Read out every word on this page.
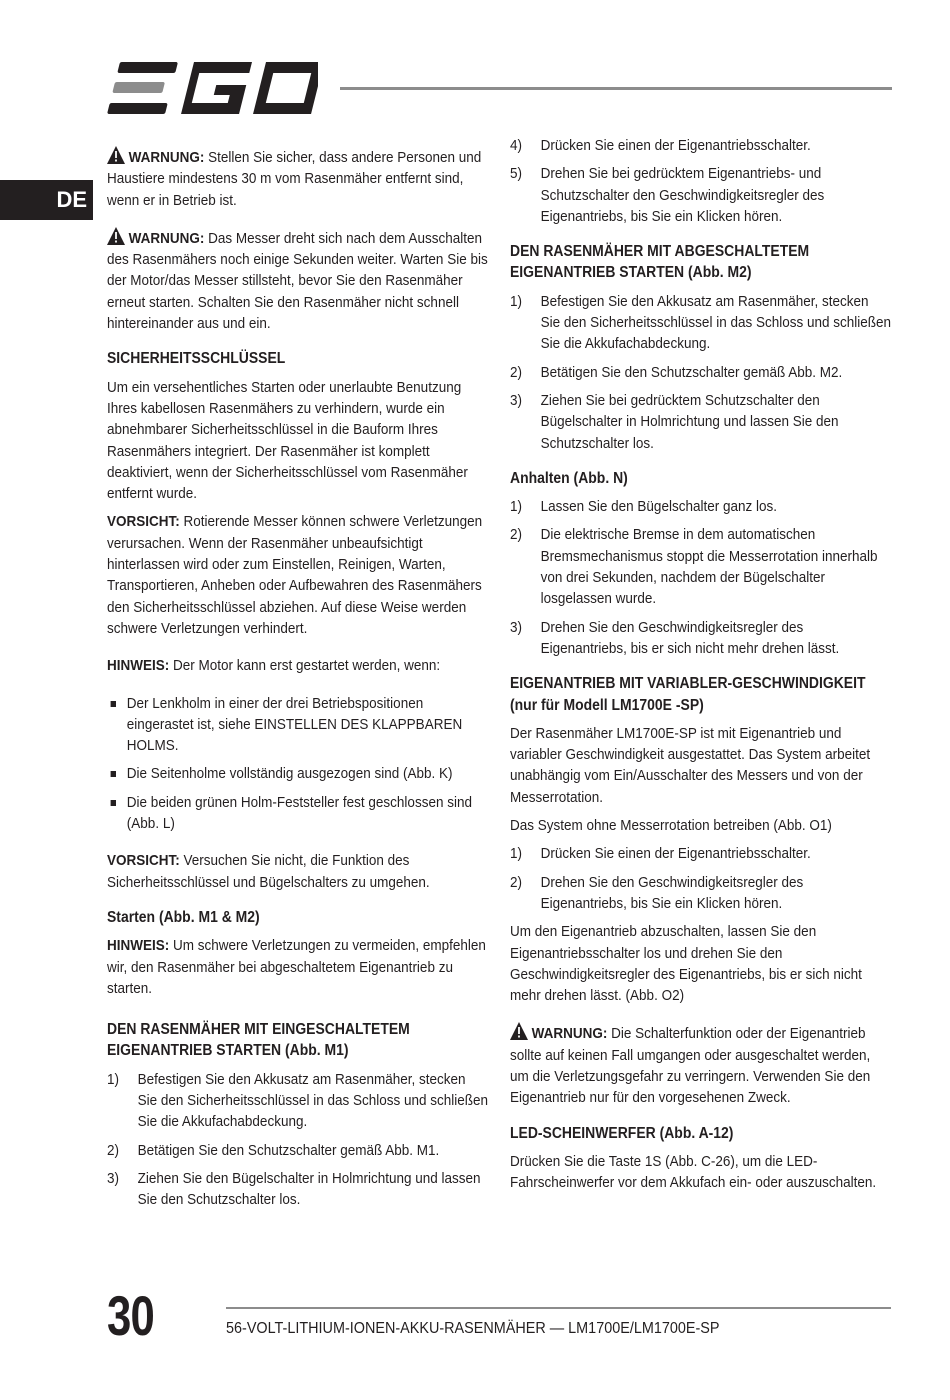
DE

WARNUNG: Stellen Sie sicher, dass andere Personen und Haustiere mindestens 30 m vom Rasenmäher entfernt sind, wenn er in Betrieb ist.

WARNUNG: Das Messer dreht sich nach dem Ausschalten des Rasenmähers noch einige Sekunden weiter. Warten Sie bis der Motor/das Messer stillsteht, bevor Sie den Rasenmäher erneut starten. Schalten Sie den Rasenmäher nicht schnell hintereinander aus und ein.

SICHERHEITSSCHLÜSSEL

Um ein versehentliches Starten oder unerlaubte Benutzung Ihres kabellosen Rasenmähers zu verhindern, wurde ein abnehmbarer Sicherheitsschlüssel in die Bauform Ihres Rasenmähers integriert. Der Rasenmäher ist komplett deaktiviert, wenn der Sicherheitsschlüssel vom Rasenmäher entfernt wurde.

VORSICHT: Rotierende Messer können schwere Verletzungen verursachen. Wenn der Rasenmäher unbeaufsichtigt hinterlassen wird oder zum Einstellen, Reinigen, Warten, Transportieren, Anheben oder Aufbewahren des Rasenmähers den Sicherheitsschlüssel abziehen. Auf diese Weise werden schwere Verletzungen verhindert.

HINWEIS: Der Motor kann erst gestartet werden, wenn:

Der Lenkholm in einer der drei Betriebspositionen eingerastet ist, siehe EINSTELLEN DES KLAPPBAREN HOLMS.
Die Seitenholme vollständig ausgezogen sind (Abb. K)
Die beiden grünen Holm-Feststeller fest geschlossen sind (Abb. L)

VORSICHT: Versuchen Sie nicht, die Funktion des Sicherheitsschlüssel und Bügelschalters zu umgehen.

Starten (Abb. M1 & M2)

HINWEIS: Um schwere Verletzungen zu vermeiden, empfehlen wir, den Rasenmäher bei abgeschaltetem Eigenantrieb zu starten.

DEN RASENMÄHER MIT EINGESCHALTETEM EIGENANTRIEB STARTEN (Abb. M1)
1) Befestigen Sie den Akkusatz am Rasenmäher, stecken Sie den Sicherheitsschlüssel in das Schloss und schließen Sie die Akkufachabdeckung.
2) Betätigen Sie den Schutzschalter gemäß Abb. M1.
3) Ziehen Sie den Bügelschalter in Holmrichtung und lassen Sie den Schutzschalter los.
4) Drücken Sie einen der Eigenantriebsschalter.
5) Drehen Sie bei gedrücktem Eigenantriebs- und Schutzschalter den Geschwindigkeitsregler des Eigenantriebs, bis Sie ein Klicken hören.
DEN RASENMÄHER MIT ABGESCHALTETEM EIGENANTRIEB STARTEN (Abb. M2)
1) Befestigen Sie den Akkusatz am Rasenmäher, stecken Sie den Sicherheitsschlüssel in das Schloss und schließen Sie die Akkufachabdeckung.
2) Betätigen Sie den Schutzschalter gemäß Abb. M2.
3) Ziehen Sie bei gedrücktem Schutzschalter den Bügelschalter in Holmrichtung und lassen Sie den Schutzschalter los.
Anhalten (Abb. N)
1) Lassen Sie den Bügelschalter ganz los.
2) Die elektrische Bremse in dem automatischen Bremsmechanismus stoppt die Messerrotation innerhalb von drei Sekunden, nachdem der Bügelschalter losgelassen wurde.
3) Drehen Sie den Geschwindigkeitsregler des Eigenantriebs, bis er sich nicht mehr drehen lässt.
EIGENANTRIEB MIT VARIABLER-GESCHWINDIGKEIT (nur für Modell LM1700E -SP)

Der Rasenmäher LM1700E-SP ist mit Eigenantrieb und variabler Geschwindigkeit ausgestattet. Das System arbeitet unabhängig vom Ein/Ausschalter des Messers und von der Messerrotation.

Das System ohne Messerrotation betreiben (Abb. O1)

1) Drücken Sie einen der Eigenantriebsschalter.
2) Drehen Sie den Geschwindigkeitsregler des Eigenantriebs, bis Sie ein Klicken hören.

Um den Eigenantrieb abzuschalten, lassen Sie den Eigenantriebsschalter los und drehen Sie den Geschwindigkeitsregler des Eigenantriebs, bis er sich nicht mehr drehen lässt. (Abb. O2)

WARNUNG: Die Schalterfunktion oder der Eigenantrieb sollte auf keinen Fall umgangen oder ausgeschaltet werden, um die Verletzungsgefahr zu verringern. Verwenden Sie den Eigenantrieb nur für den vorgesehenen Zweck.

LED-SCHEINWERFER (Abb. A-12)

Drücken Sie die Taste 1S (Abb. C-26), um die LED-Fahrscheinwerfer vor dem Akkufach ein- oder auszuschalten.

30	56-VOLT-LITHIUM-IONEN-AKKU-RASENMÄHER — LM1700E/LM1700E-SP
